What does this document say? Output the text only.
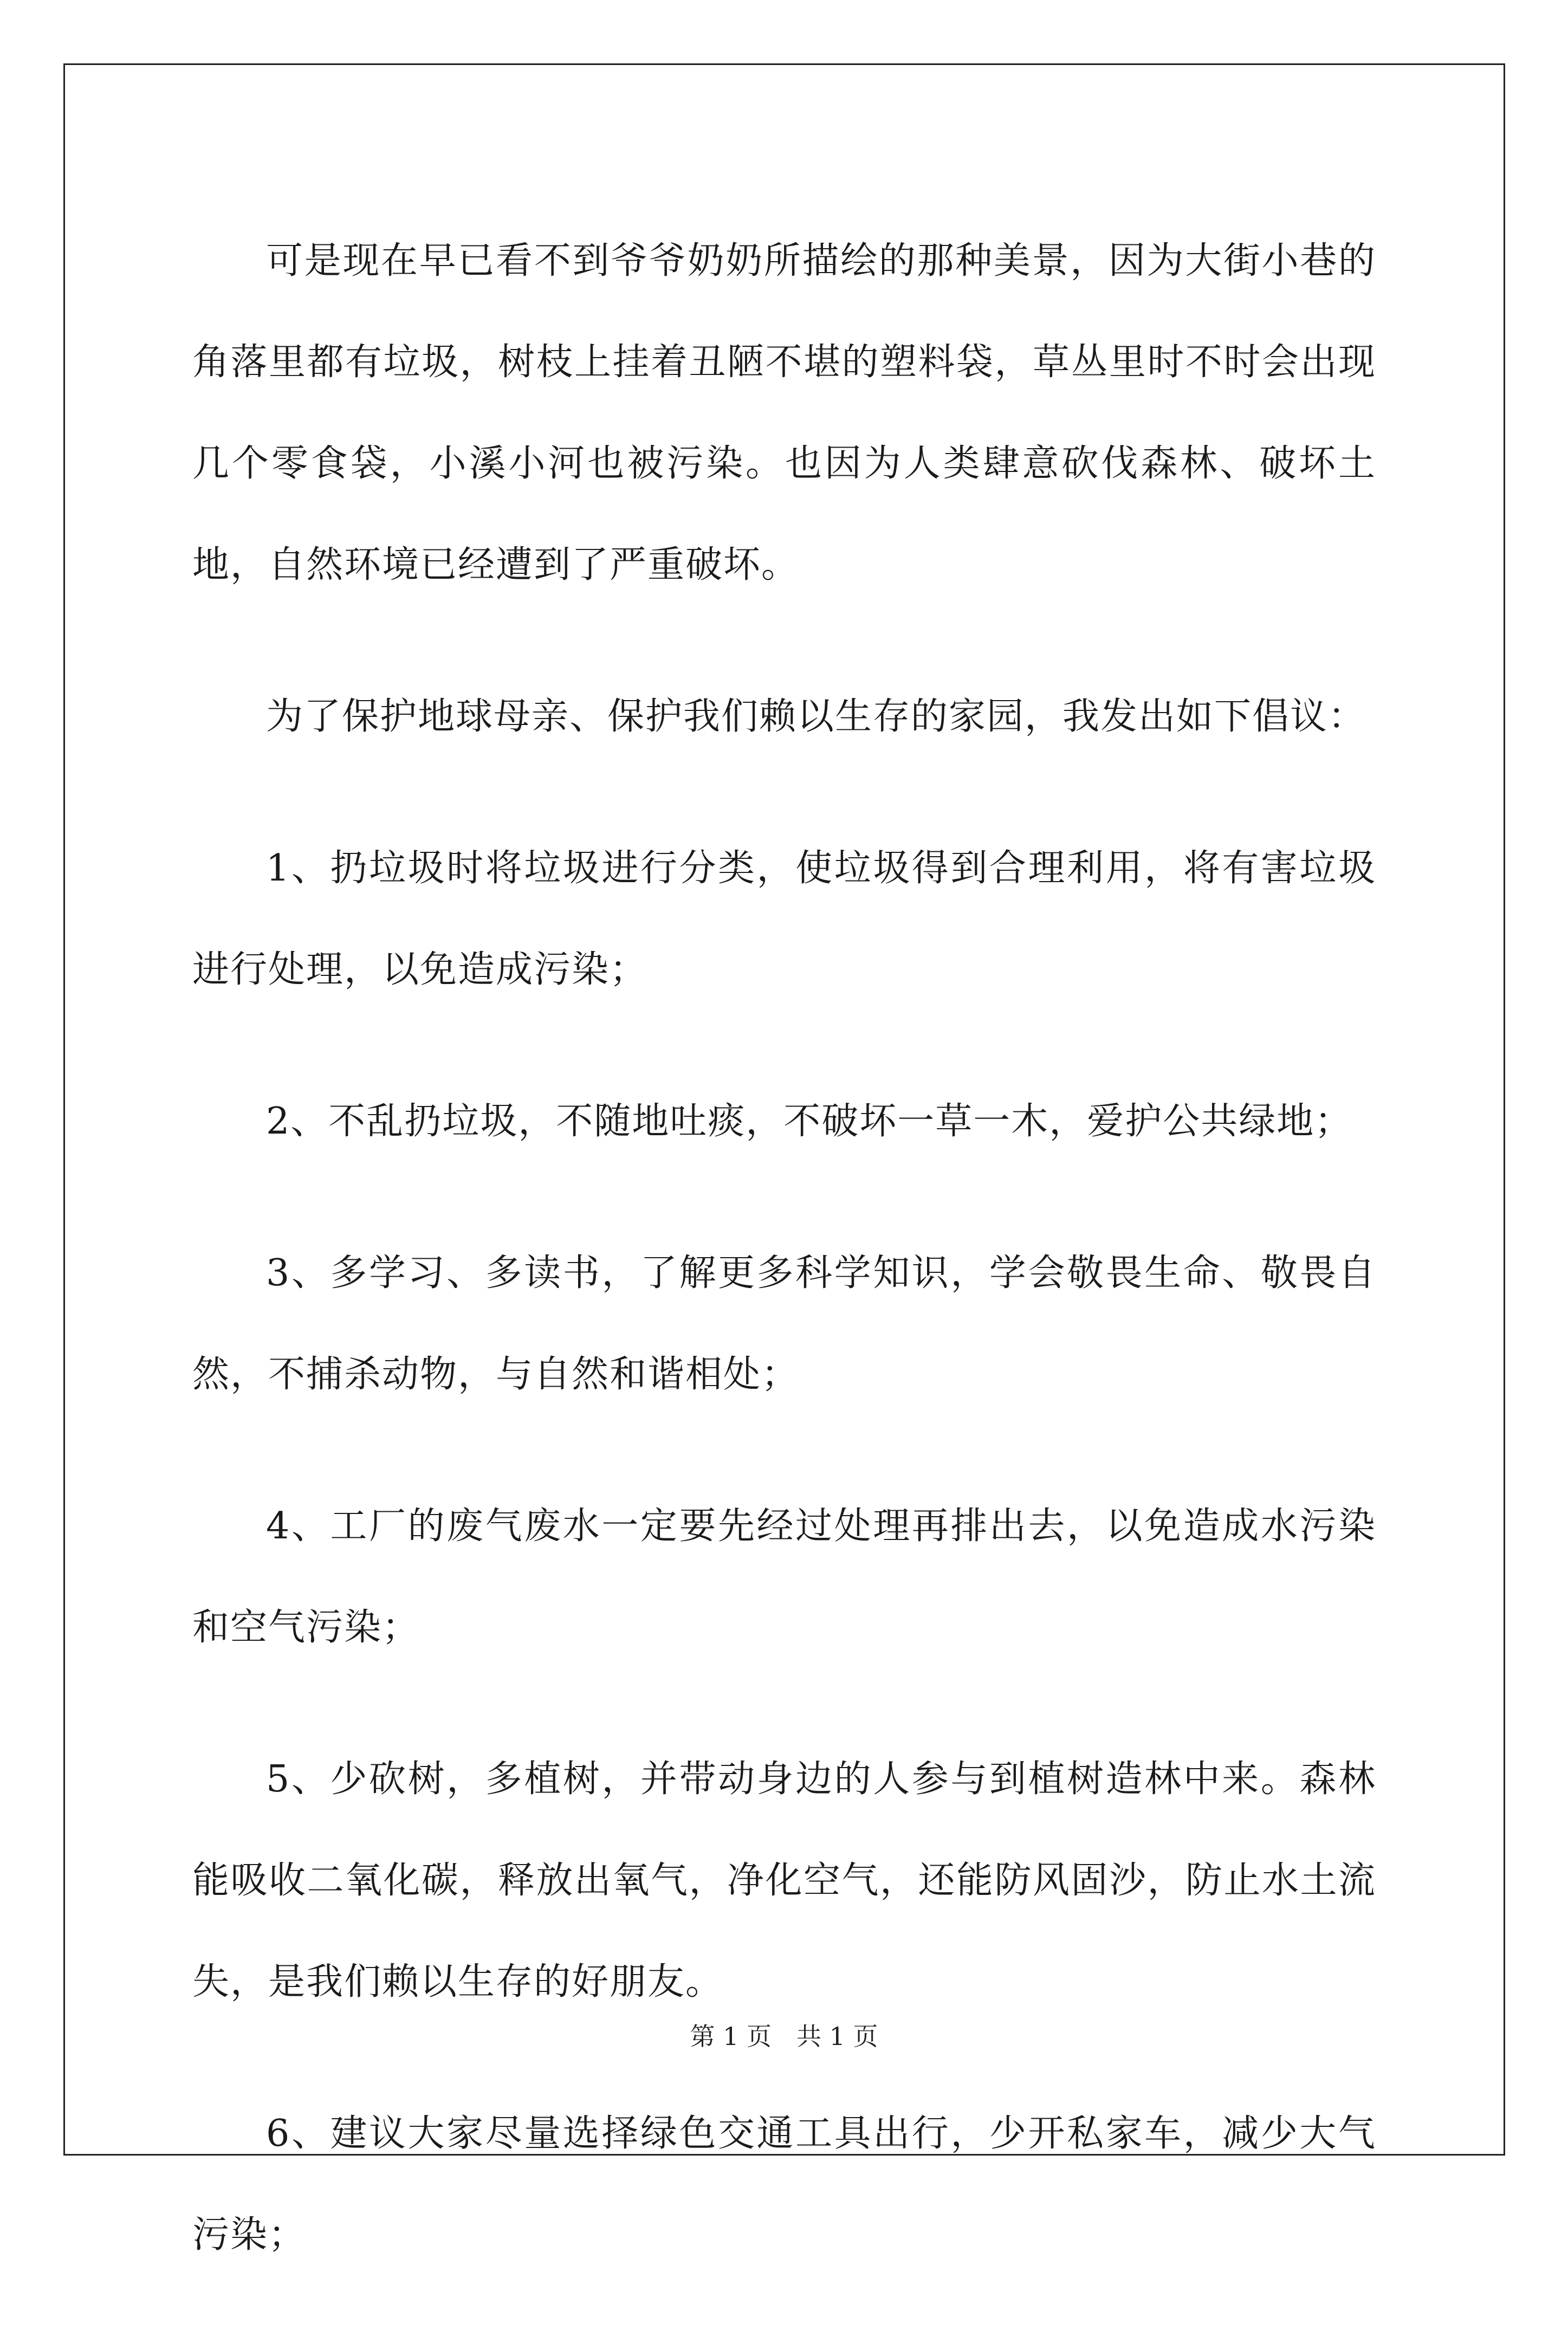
可是现在早已看不到爷爷奶奶所描绘的那种美景，因为大街小巷的角落里都有垃圾，树枝上挂着丑陋不堪的塑料袋，草丛里时不时会出现几个零食袋，小溪小河也被污染。也因为人类肆意砍伐森林、破坏土地，自然环境已经遭到了严重破坏。

为了保护地球母亲、保护我们赖以生存的家园，我发出如下倡议：

1、扔垃圾时将垃圾进行分类，使垃圾得到合理利用，将有害垃圾进行处理，以免造成污染；

2、不乱扔垃圾，不随地吐痰，不破坏一草一木，爱护公共绿地；

3、多学习、多读书，了解更多科学知识，学会敬畏生命、敬畏自然，不捕杀动物，与自然和谐相处；

4、工厂的废气废水一定要先经过处理再排出去，以免造成水污染和空气污染；

5、少砍树，多植树，并带动身边的人参与到植树造林中来。森林能吸收二氧化碳，释放出氧气，净化空气，还能防风固沙，防止水土流失，是我们赖以生存的好朋友。

6、建议大家尽量选择绿色交通工具出行，少开私家车，减少大气污染；

第 1 页　共 1 页
